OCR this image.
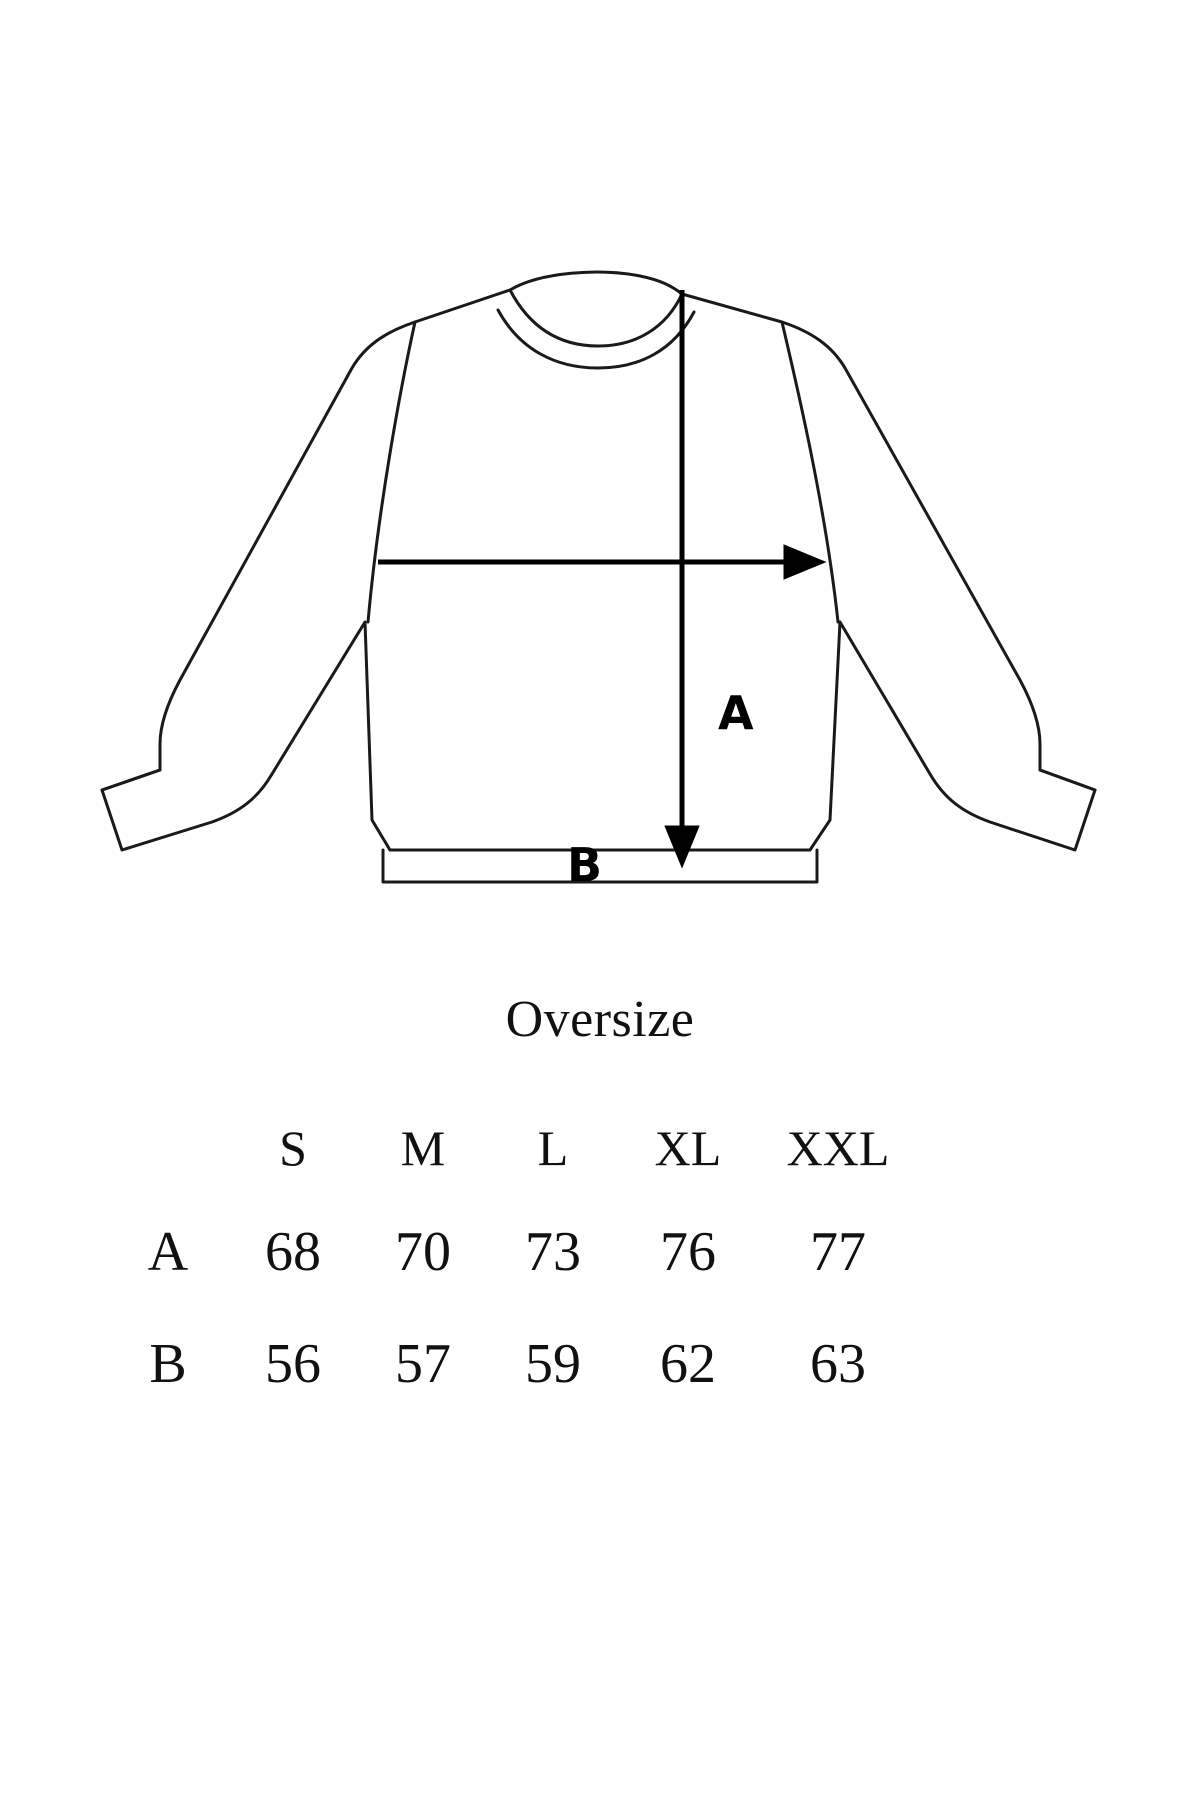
A
B
Oversize
	S	M	L	XL	XXL
A	68	70	73	76	77
B	56	57	59	62	63
